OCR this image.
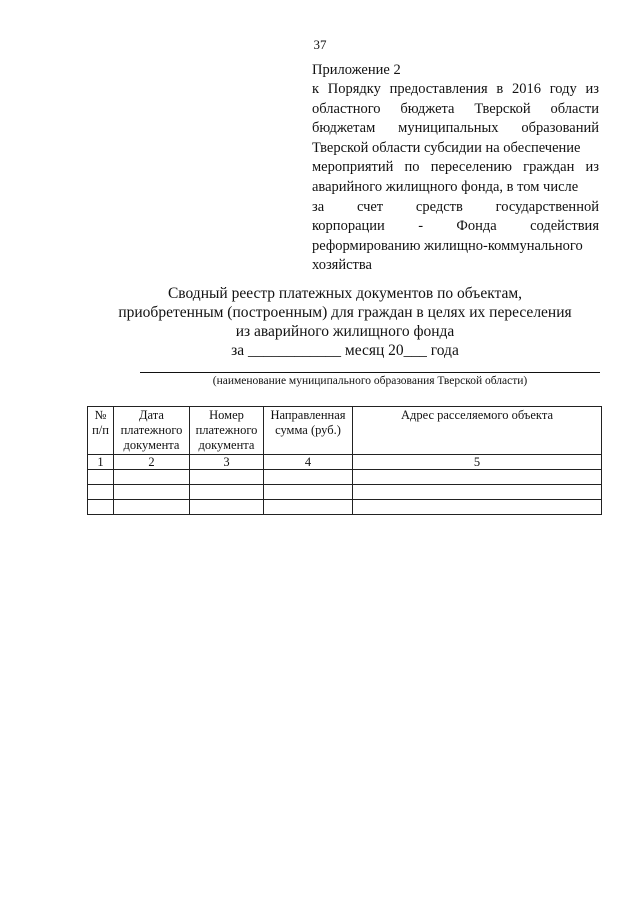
37
Приложение 2
к Порядку предоставления в 2016 году из
областного бюджета Тверской области
бюджетам муниципальных образований
Тверской области субсидии на обеспечение
мероприятий по переселению граждан из
аварийного жилищного фонда, в том числе
за счет средств государственной
корпорации - Фонда содействия
реформированию жилищно-коммунального
хозяйства
Сводный реестр платежных документов по объектам,
приобретенным (построенным) для граждан в целях их переселения
из аварийного жилищного фонда
за ____________ месяц 20___ года
(наименование муниципального образования Тверской области)
№ п/п	Дата платежного документа	Номер платежного документа	Направленная сумма (руб.)	Адрес расселяемого объекта
1	2	3	4	5
